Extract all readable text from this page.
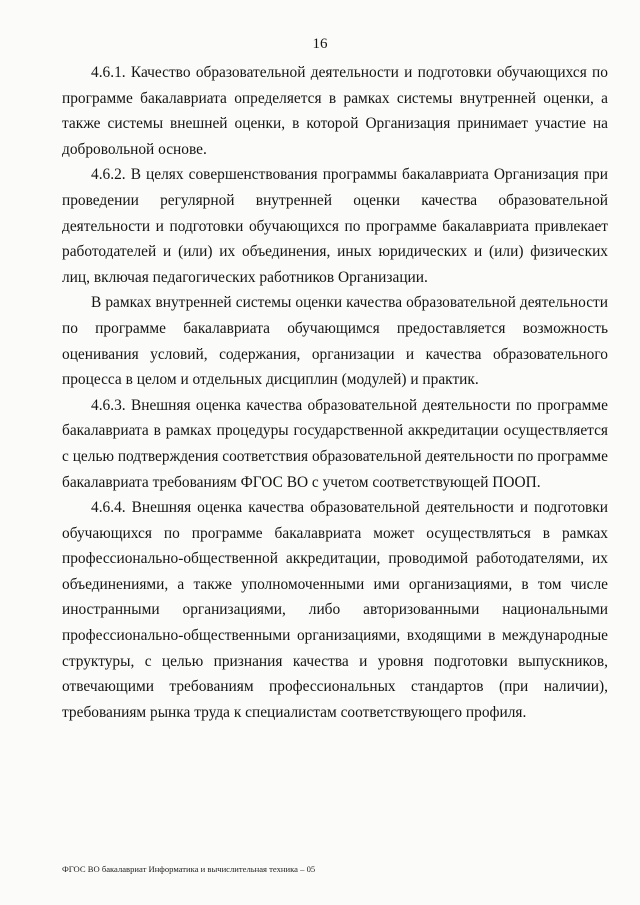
16

4.6.1. Качество образовательной деятельности и подготовки обучающихся по программе бакалавриата определяется в рамках системы внутренней оценки, а также системы внешней оценки, в которой Организация принимает участие на добровольной основе.

4.6.2. В целях совершенствования программы бакалавриата Организация при проведении регулярной внутренней оценки качества образовательной деятельности и подготовки обучающихся по программе бакалавриата привлекает работодателей и (или) их объединения, иных юридических и (или) физических лиц, включая педагогических работников Организации.

В рамках внутренней системы оценки качества образовательной деятельности по программе бакалавриата обучающимся предоставляется возможность оценивания условий, содержания, организации и качества образовательного процесса в целом и отдельных дисциплин (модулей) и практик.

4.6.3. Внешняя оценка качества образовательной деятельности по программе бакалавриата в рамках процедуры государственной аккредитации осуществляется с целью подтверждения соответствия образовательной деятельности по программе бакалавриата требованиям ФГОС ВО с учетом соответствующей ПООП.

4.6.4. Внешняя оценка качества образовательной деятельности и подготовки обучающихся по программе бакалавриата может осуществляться в рамках профессионально-общественной аккредитации, проводимой работодателями, их объединениями, а также уполномоченными ими организациями, в том числе иностранными организациями, либо авторизованными национальными профессионально-общественными организациями, входящими в международные структуры, с целью признания качества и уровня подготовки выпускников, отвечающими требованиям профессиональных стандартов (при наличии), требованиям рынка труда к специалистам соответствующего профиля.

ФГОС ВО бакалавриат Информатика и вычислительная техника – 05
